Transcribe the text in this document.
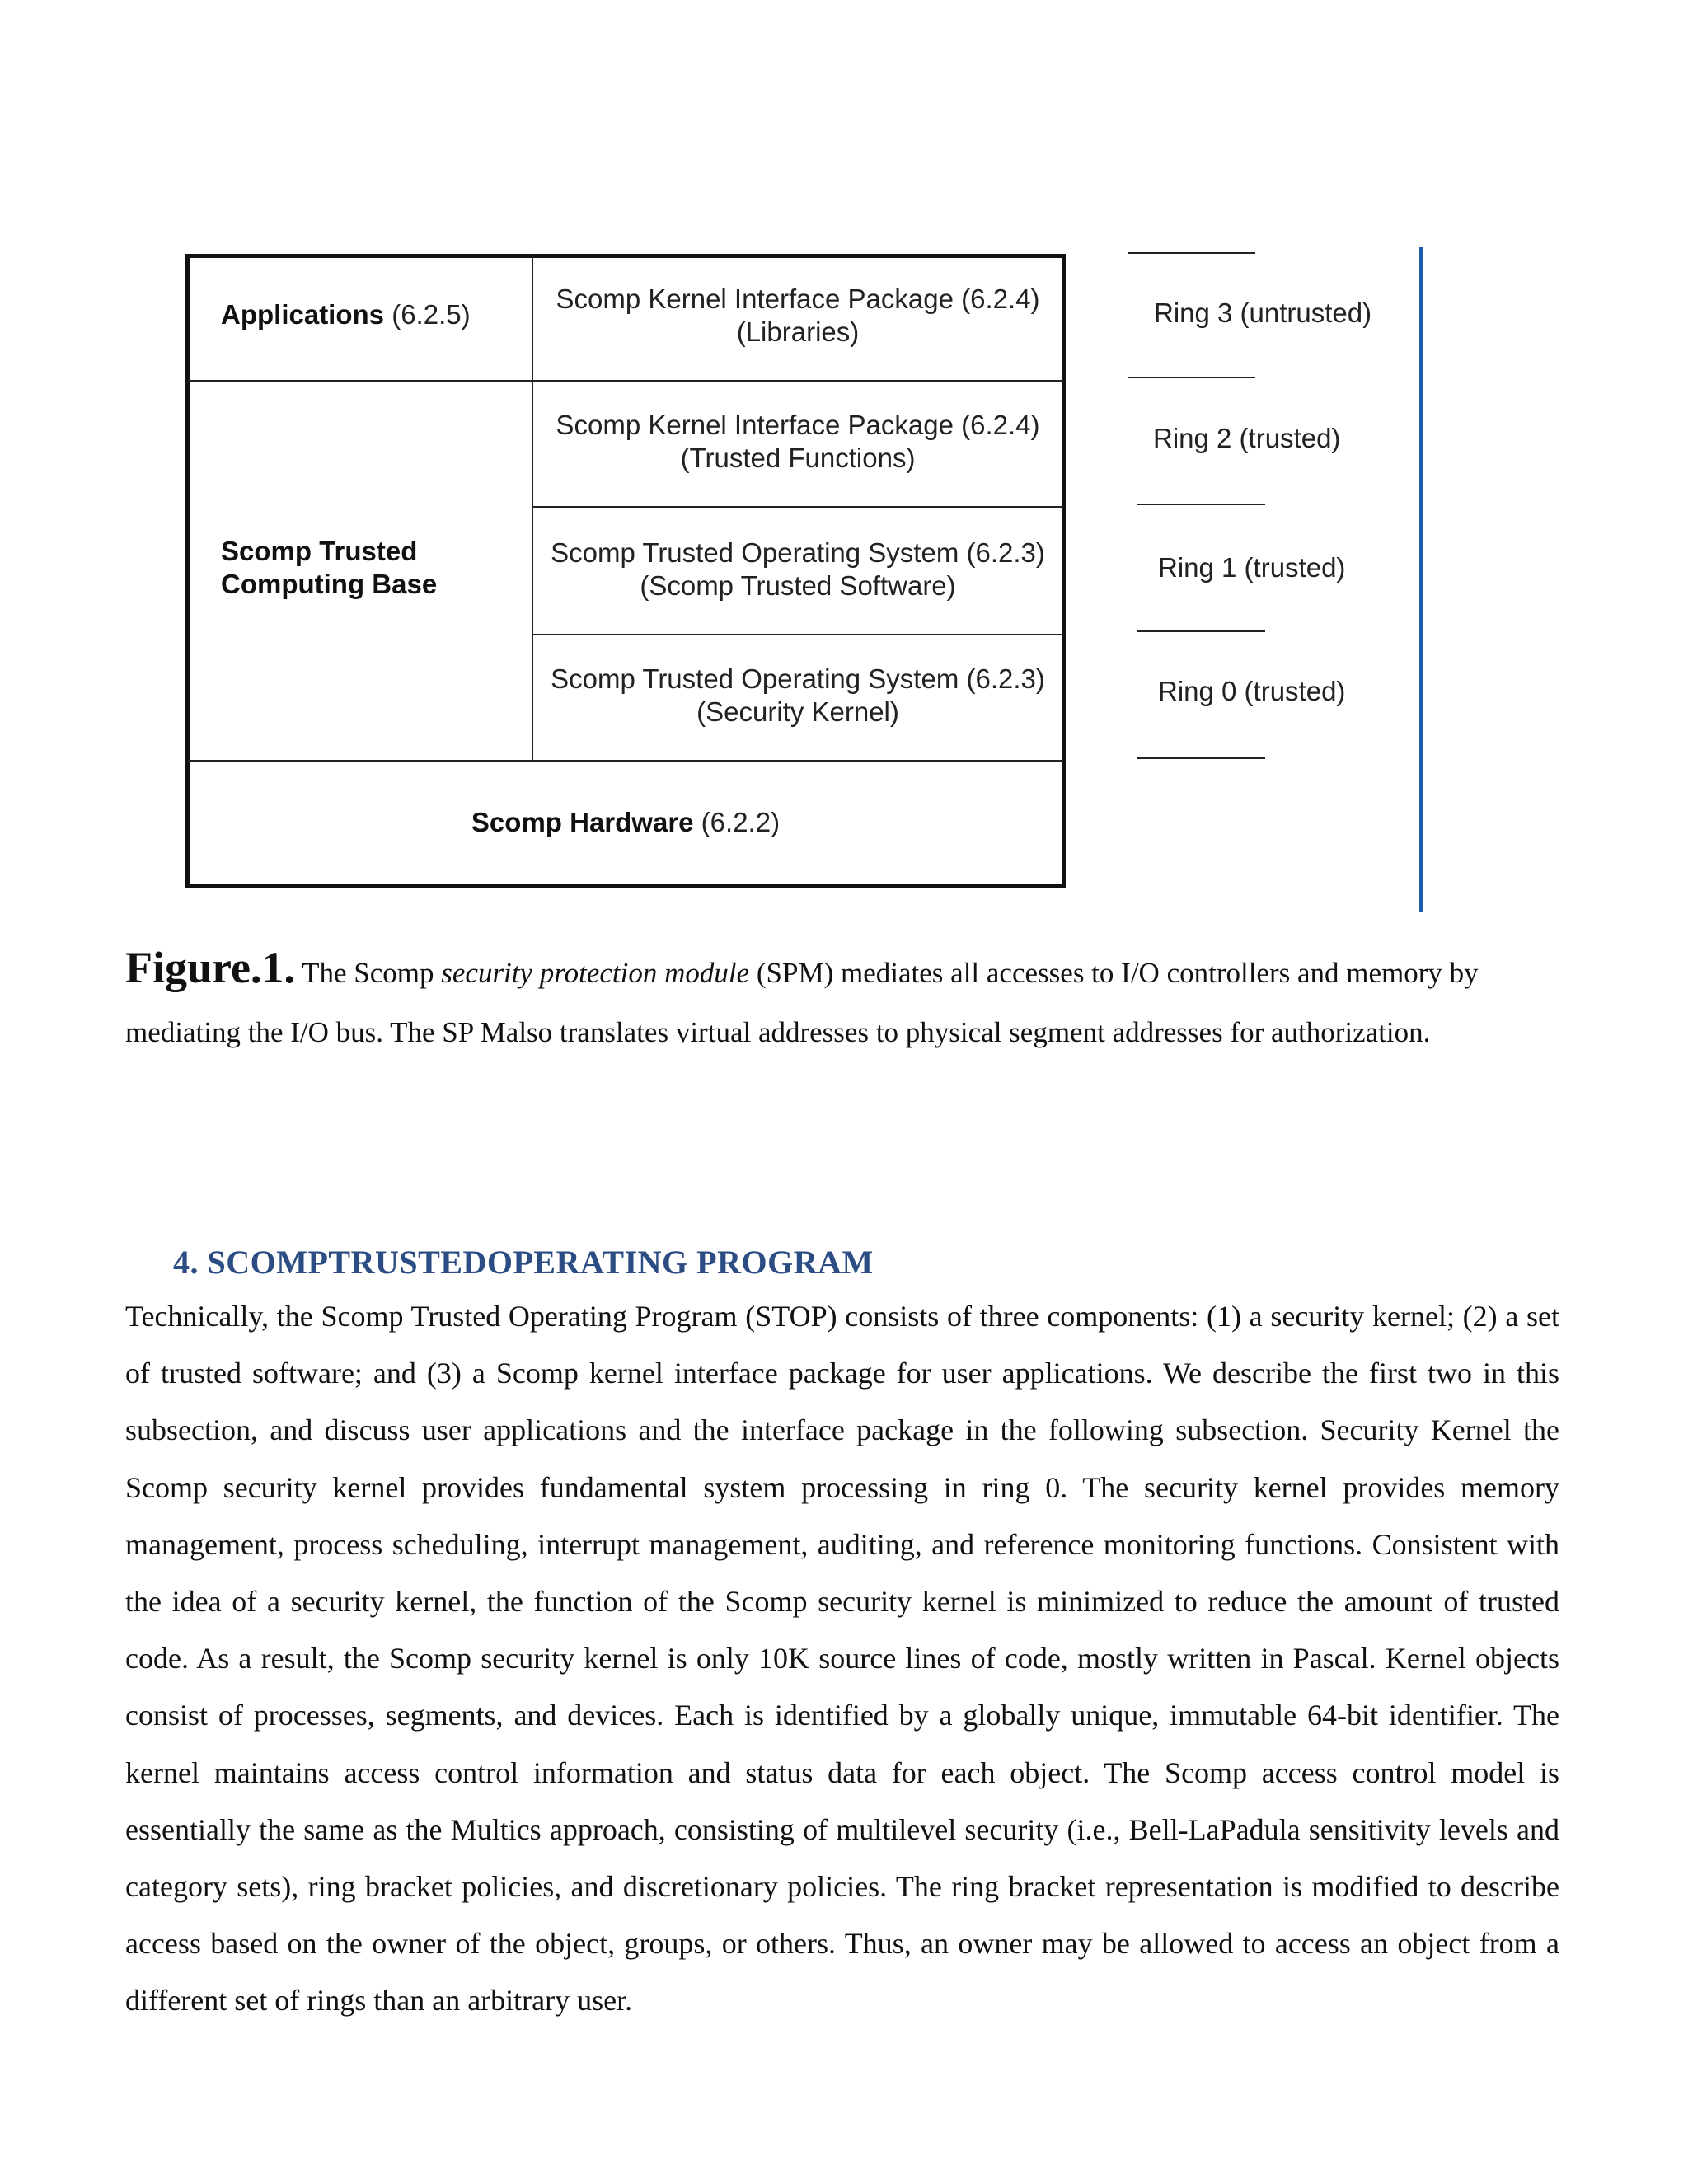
Applications (6.2.5)
Scomp Trusted
Computing Base
Scomp Kernel Interface Package (6.2.4)
(Libraries)
Scomp Kernel Interface Package (6.2.4)
(Trusted Functions)
Scomp Trusted Operating System (6.2.3)
(Scomp Trusted Software)
Scomp Trusted Operating System (6.2.3)
(Security Kernel)
Scomp Hardware (6.2.2)
Ring 3 (untrusted)
Ring 2 (trusted)
Ring 1 (trusted)
Ring 0 (trusted)
Figure.1. The Scomp security protection module (SPM) mediates all accesses to I/O controllers and memory by mediating the I/O bus. The SP Malso translates virtual addresses to physical segment addresses for authorization.
4. SCOMPTRUSTEDOPERATING PROGRAM
Technically, the Scomp Trusted Operating Program (STOP) consists of three components: (1) a security kernel; (2) a set of trusted software; and (3) a Scomp kernel interface package for user applications. We describe the first two in this subsection, and discuss user applications and the interface package in the following subsection. Security Kernel the Scomp security kernel provides fundamental system processing in ring 0. The security kernel provides memory management, process scheduling, interrupt management, auditing, and reference monitoring functions. Consistent with the idea of a security kernel, the function of the Scomp security kernel is minimized to reduce the amount of trusted code. As a result, the Scomp security kernel is only 10K source lines of code, mostly written in Pascal. Kernel objects consist of processes, segments, and devices. Each is identified by a globally unique, immutable 64-bit identifier. The kernel maintains access control information and status data for each object. The Scomp access control model is essentially the same as the Multics approach, consisting of multilevel security (i.e., Bell-LaPadula sensitivity levels and category sets), ring bracket policies, and discretionary policies. The ring bracket representation is modified to describe access based on the owner of the object, groups, or others. Thus, an owner may be allowed to access an object from a different set of rings than an arbitrary user.
